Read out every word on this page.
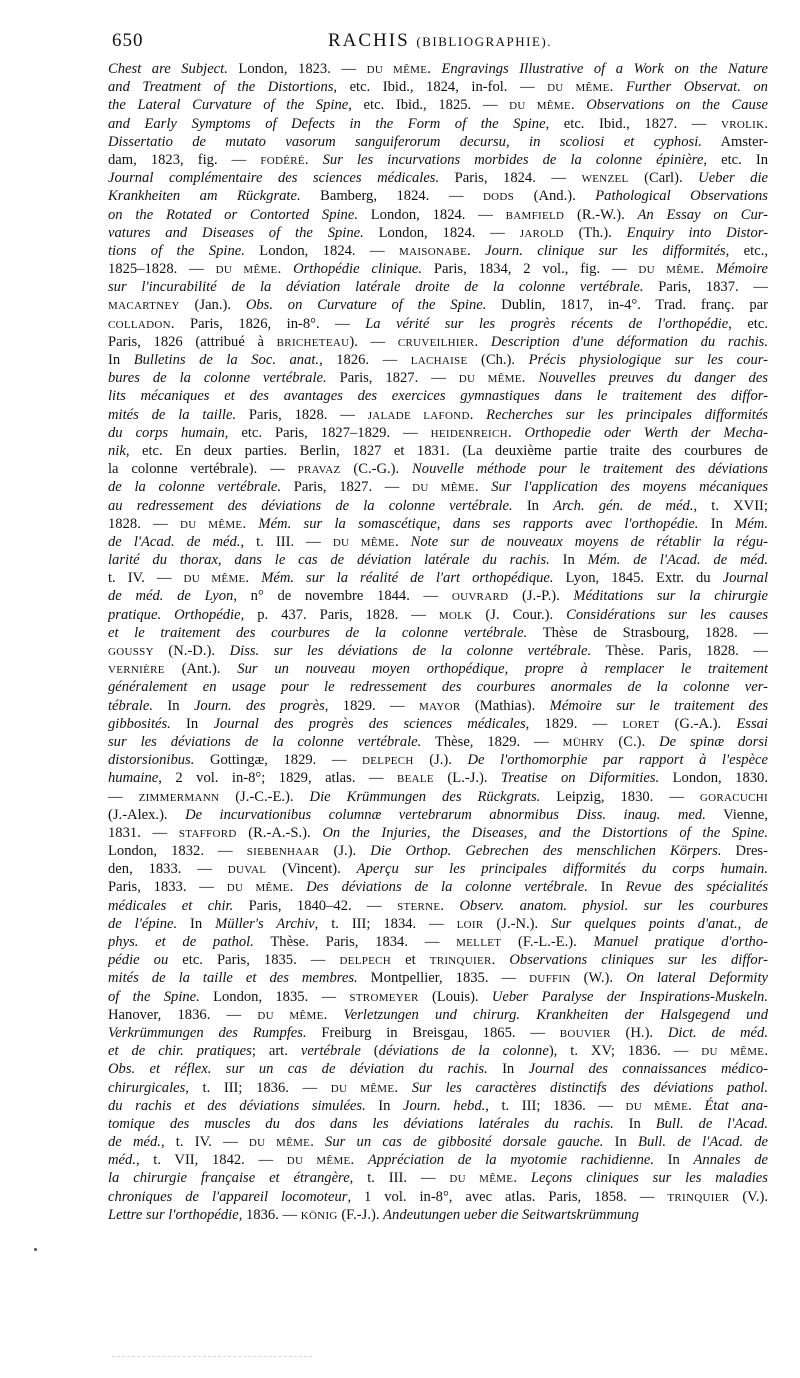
650	RACHIS (BIBLIOGRAPHIE).
Chest are Subject. London, 1823. — DU MÊME. Engravings Illustrative of a Work on the Nature
and Treatment of the Distortions, etc. Ibid., 1824, in-fol. — DU MÊME. Further Observat. on
the Lateral Curvature of the Spine, etc. Ibid., 1825. — DU MÊME. Observations on the Cause
and Early Symptoms of Defects in the Form of the Spine, etc. Ibid., 1827. — VROLIK.
Dissertatio de mutato vasorum sanguiferorum decursu, in scoliosi et cyphosi. Amster-
dam, 1823, fig. — FODÉRÉ. Sur les incurvations morbides de la colonne épinière, etc. In
Journal complémentaire des sciences médicales. Paris, 1824. — WENZEL (Carl). Ueber die
Krankheiten am Rückgrate. Bamberg, 1824. — DODS (And.). Pathological Observations
on the Rotated or Contorted Spine. London, 1824. — BAMFIELD (R.-W.). An Essay on Cur-
vatures and Diseases of the Spine. London, 1824. — JAROLD (Th.). Enquiry into Distor-
tions of the Spine. London, 1824. — MAISONABE. Journ. clinique sur les difformités, etc.,
1825–1828. — DU MÊME. Orthopédie clinique. Paris, 1834, 2 vol., fig. — DU MÊME. Mémoire
sur l'incurabilité de la déviation latérale droite de la colonne vertébrale. Paris, 1837. —
MACARTNEY (Jan.). Obs. on Curvature of the Spine. Dublin, 1817, in-4°. Trad. franç. par
COLLADON. Paris, 1826, in-8°. — La vérité sur les progrès récents de l'orthopédie, etc.
Paris, 1826 (attribué à BRICHETEAU). — CRUVEILHIER. Description d'une déformation du rachis.
In Bulletins de la Soc. anat., 1826. — LACHAISE (Ch.). Précis physiologique sur les cour-
bures de la colonne vertébrale. Paris, 1827. — DU MÊME. Nouvelles preuves du danger des
lits mécaniques et des avantages des exercices gymnastiques dans le traitement des diffor-
mités de la taille. Paris, 1828. — JALADE LAFOND. Recherches sur les principales difformités
du corps humain, etc. Paris, 1827–1829. — HEIDENREICH. Orthopedie oder Werth der Mecha-
nik, etc. En deux parties. Berlin, 1827 et 1831. (La deuxième partie traite des courbures de
la colonne vertébrale). — PRAVAZ (C.-G.). Nouvelle méthode pour le traitement des déviations
de la colonne vertébrale. Paris, 1827. — DU MÊME. Sur l'application des moyens mécaniques
au redressement des déviations de la colonne vertébrale. In Arch. gén. de méd., t. XVII;
1828. — DU MÊME. Mém. sur la somascétique, dans ses rapports avec l'orthopédie. In Mém.
de l'Acad. de méd., t. III. — DU MÊME. Note sur de nouveaux moyens de rétablir la régu-
larité du thorax, dans le cas de déviation latérale du rachis. In Mém. de l'Acad. de méd.
t. IV. — DU MÊME. Mém. sur la réalité de l'art orthopédique. Lyon, 1845. Extr. du Journal
de méd. de Lyon, n° de novembre 1844. — OUVRARD (J.-P.). Méditations sur la chirurgie
pratique. Orthopédie, p. 437. Paris, 1828. — MOLK (J. Cour.). Considérations sur les causes
et le traitement des courbures de la colonne vertébrale. Thèse de Strasbourg, 1828. —
GOUSSY (N.-D.). Diss. sur les déviations de la colonne vertébrale. Thèse. Paris, 1828. —
VERNIÈRE (Ant.). Sur un nouveau moyen orthopédique, propre à remplacer le traitement
généralement en usage pour le redressement des courbures anormales de la colonne ver-
tébrale. In Journ. des progrès, 1829. — MAYOR (Mathias). Mémoire sur le traitement des
gibbosités. In Journal des progrès des sciences médicales, 1829. — LORET (G.-A.). Essai
sur les déviations de la colonne vertébrale. Thèse, 1829. — MÜHRY (C.). De spinæ dorsi
distorsionibus. Gottingæ, 1829. — DELPECH (J.). De l'orthomorphie par rapport à l'espèce
humaine, 2 vol. in-8°; 1829, atlas. — BEALE (L.-J.). Treatise on Diformities. London, 1830.
— ZIMMERMANN (J.-C.-E.). Die Krümmungen des Rückgrats. Leipzig, 1830. — GORACUCHI
(J.-Alex.). De incurvationibus columnæ vertebrarum abnormibus Diss. inaug. med. Vienne,
1831. — STAFFORD (R.-A.-S.). On the Injuries, the Diseases, and the Distortions of the Spine.
London, 1832. — SIEBENHAAR (J.). Die Orthop. Gebrechen des menschlichen Körpers. Dres-
den, 1833. — DUVAL (Vincent). Aperçu sur les principales difformités du corps humain.
Paris, 1833. — DU MÊME. Des déviations de la colonne vertébrale. In Revue des spécialités
médicales et chir. Paris, 1840–42. — STERNE. Observ. anatom. physiol. sur les courbures
de l'épine. In Müller's Archiv, t. III; 1834. — LOIR (J.-N.). Sur quelques points d'anat., de
phys. et de pathol. Thèse. Paris, 1834. — MELLET (F.-L.-E.). Manuel pratique d'ortho-
pédie ou etc. Paris, 1835. — DELPECH et TRINQUIER. Observations cliniques sur les diffor-
mités de la taille et des membres. Montpellier, 1835. — DUFFIN (W.). On lateral Deformity
of the Spine. London, 1835. — STROMEYER (Louis). Ueber Paralyse der Inspirations-Muskeln.
Hanover, 1836. — DU MÊME. Verletzungen und chirurg. Krankheiten der Halsgegend und
Verkrümmungen des Rumpfes. Freiburg in Breisgau, 1865. — BOUVIER (H.). Dict. de méd.
et de chir. pratiques; art. vertébrale (déviations de la colonne), t. XV; 1836. — DU MÊME.
Obs. et réflex. sur un cas de déviation du rachis. In Journal des connaissances médico-
chirurgicales, t. III; 1836. — DU MÊME. Sur les caractères distinctifs des déviations pathol.
du rachis et des déviations simulées. In Journ. hebd., t. III; 1836. — DU MÊME. État ana-
tomique des muscles du dos dans les déviations latérales du rachis. In Bull. de l'Acad.
de méd., t. IV. — DU MÊME. Sur un cas de gibbosité dorsale gauche. In Bull. de l'Acad. de
méd., t. VII, 1842. — DU MÊME. Appréciation de la myotomie rachidienne. In Annales de
la chirurgie française et étrangère, t. III. — DU MÊME. Leçons cliniques sur les maladies
chroniques de l'appareil locomoteur, 1 vol. in-8°, avec atlas. Paris, 1858. — TRINQUIER (V.).
Lettre sur l'orthopédie, 1836. — KÖNIG (F.-J.). Andeutungen ueber die Seitwartskrümmung
